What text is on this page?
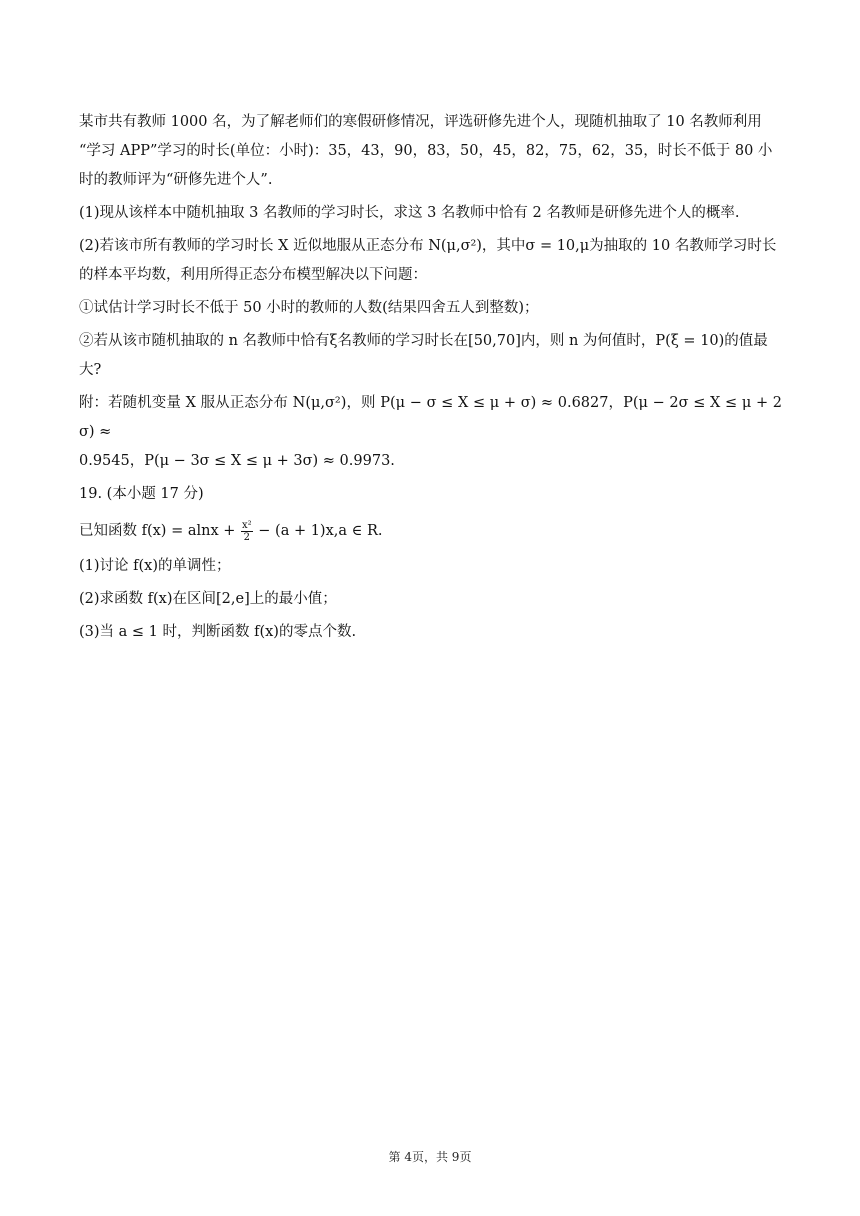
某市共有教师 1000 名，为了解老师们的寒假研修情况，评选研修先进个人，现随机抽取了 10 名教师利用

“学习 APP”学习的时长(单位：小时)：35，43，90，83，50，45，82，75，62，35，时长不低于 80 小

时的教师评为“研修先进个人”.

(1)现从该样本中随机抽取 3 名教师的学习时长，求这 3 名教师中恰有 2 名教师是研修先进个人的概率.

(2)若该市所有教师的学习时长 X 近似地服从正态分布 N(μ,σ²)，其中σ = 10,μ为抽取的 10 名教师学习时长

的样本平均数，利用所得正态分布模型解决以下问题：

①试估计学习时长不低于 50 小时的教师的人数(结果四舍五人到整数)；

②若从该市随机抽取的 n 名教师中恰有ξ名教师的学习时长在[50,70]内，则 n 为何值时，P(ξ = 10)的值最

大?

附：若随机变量 X 服从正态分布 N(μ,σ²)，则 P(μ − σ ≤ X ≤ μ + σ) ≈ 0.6827，P(μ − 2σ ≤ X ≤ μ + 2σ) ≈

0.9545，P(μ − 3σ ≤ X ≤ μ + 3σ) ≈ 0.9973.

19. (本小题 17 分)

已知函数 $f(x) = alnx + \frac{\text{x²}}{2} - (a + 1)x,a$ ∈ R.

(1)讨论 f(x)的单调性；

(2)求函数 f(x)在区间[2,e]上的最小值；

(3)当 a ≤ 1 时，判断函数 f(x)的零点个数.

第 4页，共 9页
